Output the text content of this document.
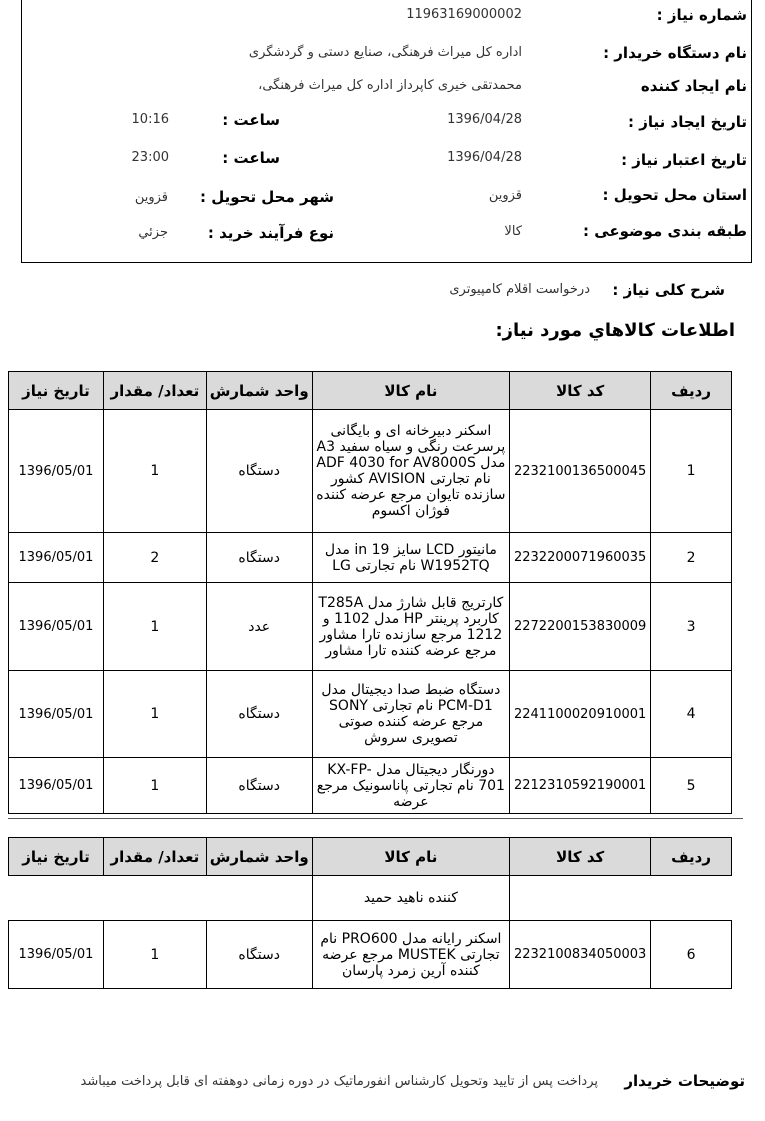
شماره نیاز :
11963169000002
نام دستگاه خریدار :
اداره کل میراث فرهنگی، صنایع دستی و گردشگری
نام ایجاد کننده
محمدتقی خیری کاپرداز اداره کل میراث فرهنگی،
تاریخ ایجاد نیاز :
1396/04/28
ساعت :
10:16
تاریخ اعتبار نیاز :
1396/04/28
ساعت :
23:00
استان محل تحویل :
قزوین
شهر محل تحویل :
قزوین
طبقه بندی موضوعی :
کالا
نوع فرآیند خرید :
جزئي
شرح کلی نیاز :
درخواست اقلام کامپیوتری
اطلاعات کالاهاي مورد نیاز:
ردیف	کد کالا	نام کالا	واحد شمارش	تعداد/ مقدار	تاریخ نیاز
1	2232100136500045	اسکنر دبیرخانه ای و بایگانی پرسرعت رنگی و سیاه سفید A3 مدل ADF 4030 for AV8000S نام تجارتی AVISION کشور سازنده تایوان مرجع عرضه کننده فوژان اکسوم	دستگاه	1	1396/05/01
2	2232200071960035	مانیتور LCD سایز 19 in مدل W1952TQ نام تجارتی LG	دستگاه	2	1396/05/01
3	2272200153830009	کارتریج قابل شارژ مدل T285A کاربرد پرینتر HP مدل 1102 و 1212 مرجع سازنده تارا مشاور مرجع عرضه کننده تارا مشاور	عدد	1	1396/05/01
4	2241100020910001	دستگاه ضبط صدا دیجیتال مدل PCM-D1 نام تجارتی SONY مرجع عرضه کننده صوتی تصویری سروش	دستگاه	1	1396/05/01
5	2212310592190001	دورنگار دیجیتال مدل KX-FP-701 نام تجارتی پاناسونیک مرجع عرضه	دستگاه	1	1396/05/01
ردیف	کد کالا	نام کالا	واحد شمارش	تعداد/ مقدار	تاریخ نیاز
		کننده ناهید حمید			
6	2232100834050003	اسکنر رایانه مدل PRO600 نام تجارتی MUSTEK مرجع عرضه کننده آرین زمرد پارسان	دستگاه	1	1396/05/01
توضیحات خریدار
پرداخت پس از تایید وتحویل کارشناس انفورماتیک در دوره زمانی دوهفته ای قابل پرداخت میباشد
